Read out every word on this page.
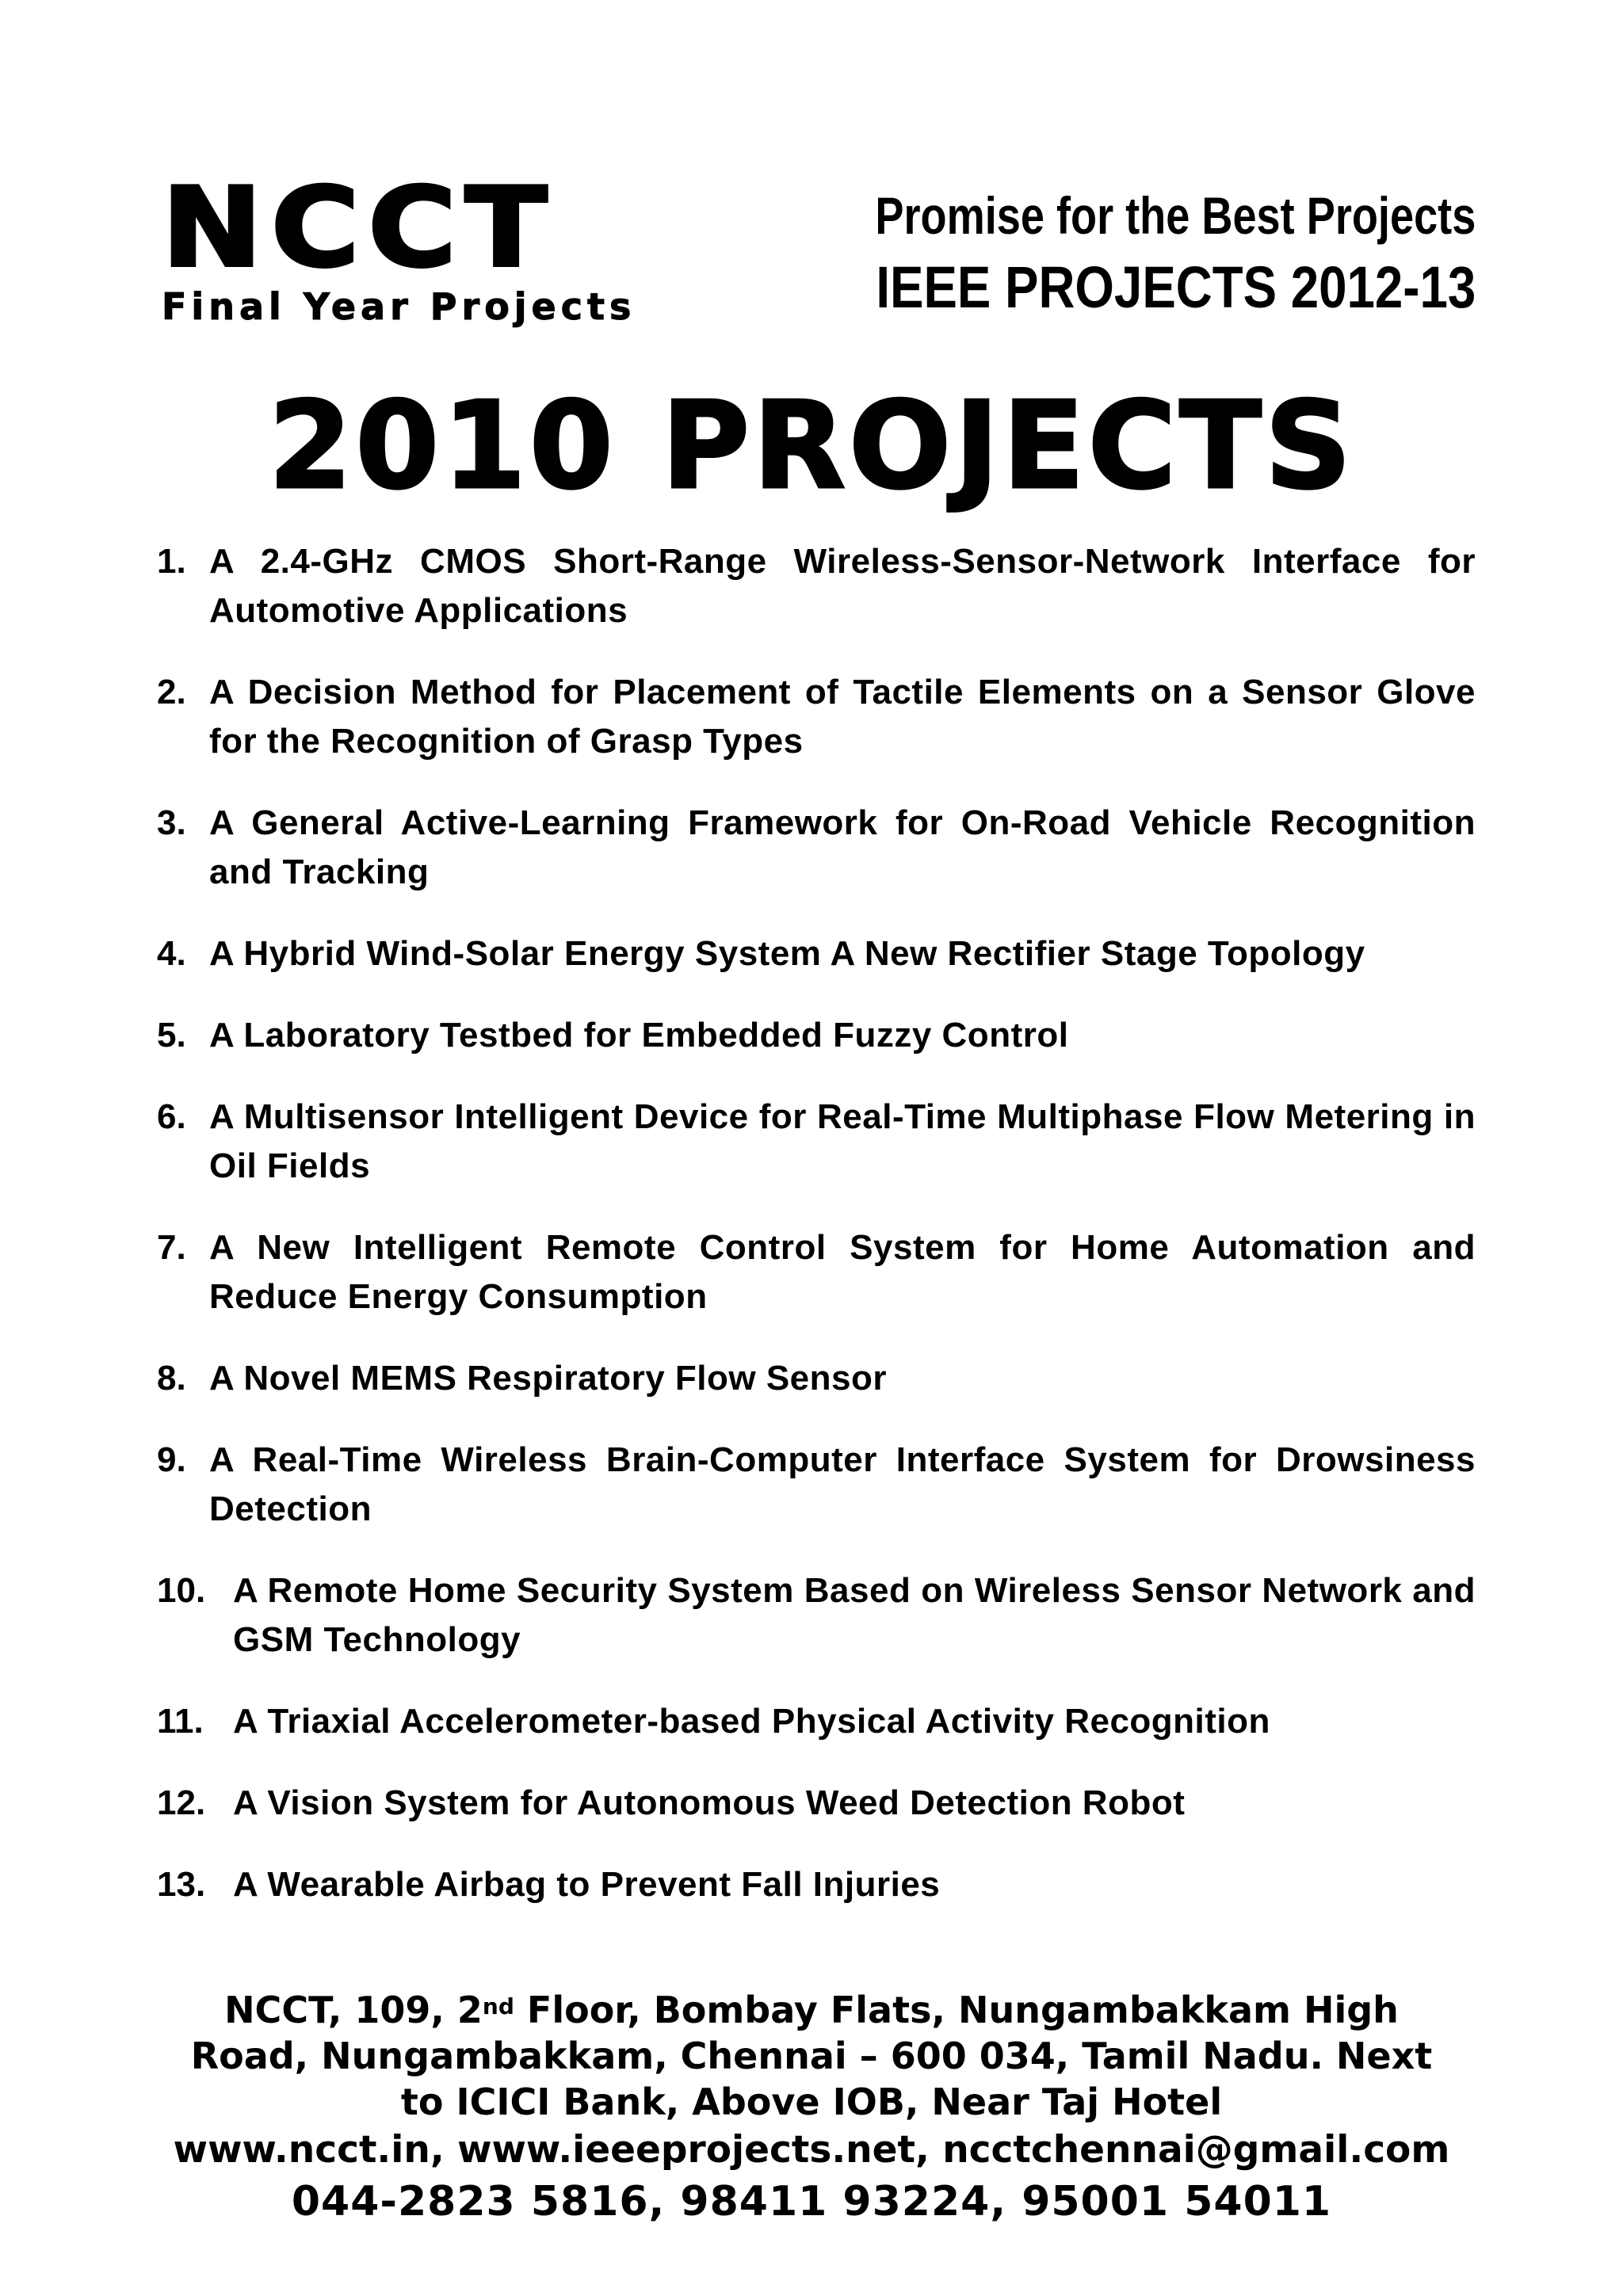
NCCT
Final Year Projects
Promise for the Best Projects
IEEE PROJECTS 2012-13
2010 PROJECTS
1. A 2.4-GHz CMOS Short-Range Wireless-Sensor-Network Interface for Automotive Applications
2. A Decision Method for Placement of Tactile Elements on a Sensor Glove for the Recognition of Grasp Types
3. A General Active-Learning Framework for On-Road Vehicle Recognition and Tracking
4. A Hybrid Wind-Solar Energy System A New Rectifier Stage Topology
5. A Laboratory Testbed for Embedded Fuzzy Control
6. A Multisensor Intelligent Device for Real-Time Multiphase Flow Metering in Oil Fields
7. A New Intelligent Remote Control System for Home Automation and Reduce Energy Consumption
8. A Novel MEMS Respiratory Flow Sensor
9. A Real-Time Wireless Brain-Computer Interface System for Drowsiness Detection
10. A Remote Home Security System Based on Wireless Sensor Network and GSM Technology
11. A Triaxial Accelerometer-based Physical Activity Recognition
12. A Vision System for Autonomous Weed Detection Robot
13. A Wearable Airbag to Prevent Fall Injuries
NCCT, 109, 2nd Floor, Bombay Flats, Nungambakkam High
Road, Nungambakkam, Chennai – 600 034, Tamil Nadu. Next
to ICICI Bank, Above IOB, Near Taj Hotel
www.ncct.in, www.ieeeprojects.net, ncctchennai@gmail.com
044-2823 5816, 98411 93224, 95001 54011
